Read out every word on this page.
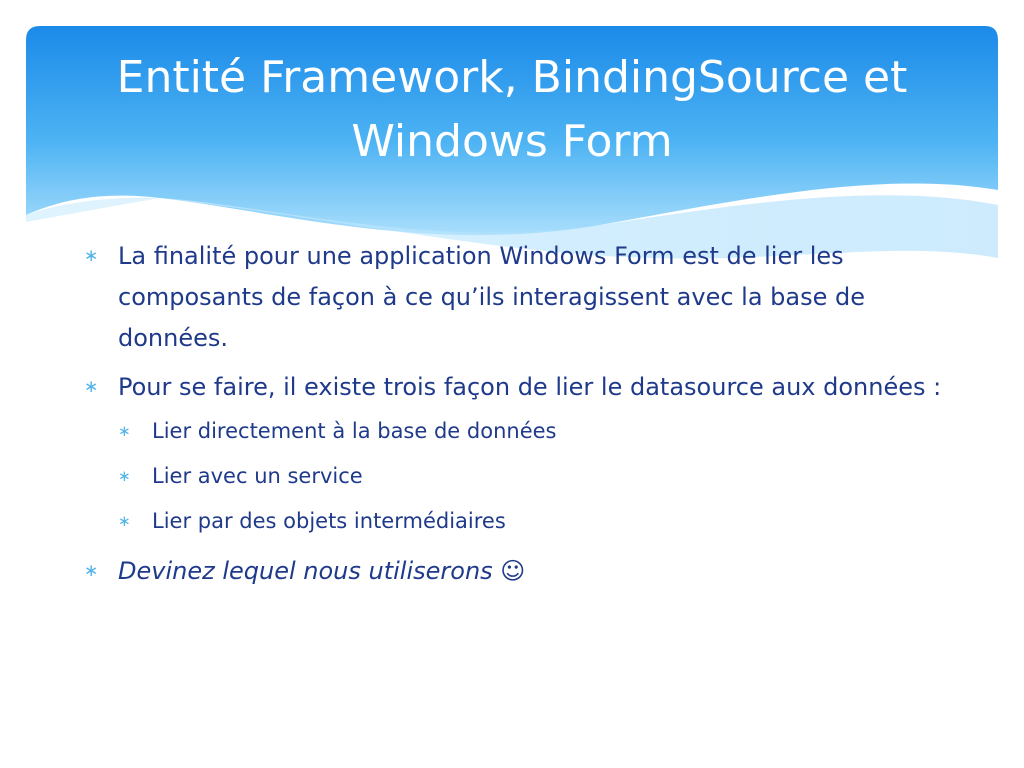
Entité Framework, BindingSource et
Windows Form
∗ La finalité pour une application Windows Form est de lier les composants de façon à ce qu’ils interagissent avec la base de données.
∗ Pour se faire, il existe trois façon de lier le datasource aux données :
∗ Lier directement à la base de données
∗ Lier avec un service
∗ Lier par des objets intermédiaires
∗ Devinez lequel nous utiliserons ☺
